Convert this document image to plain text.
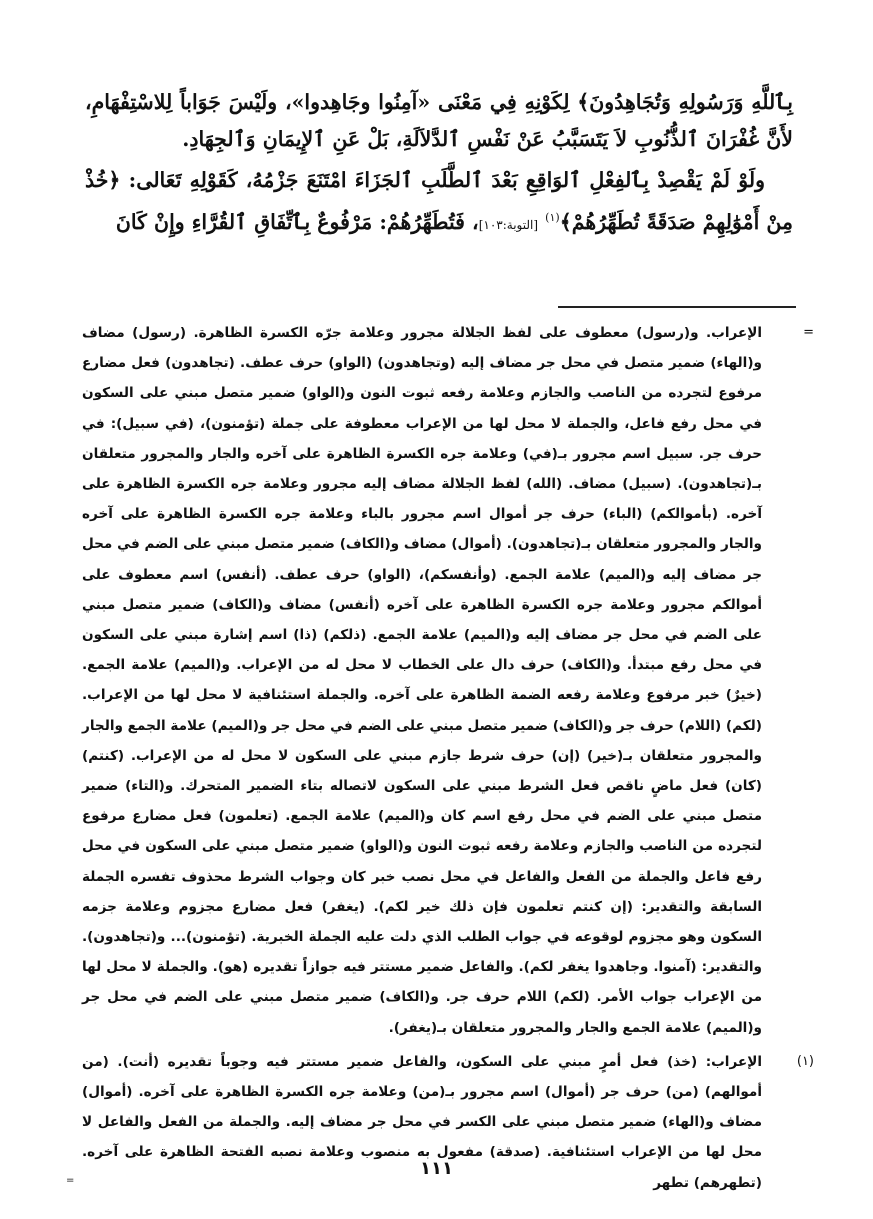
بِٱللَّهِ وَرَسُولِهِ وَتُجَاهِدُونَ﴾ لِكَوْنِهِ فِي مَعْنَى «آمِنُوا وجَاهِدوا»، ولَيْسَ جَوَاباً لِلاسْتِفْهَامِ، لأَنَّ غُفْرَانَ ٱلذُّنُوبِ لاَ يَتَسَبَّبُ عَنْ نَفْسِ ٱلدَّلاَلَةِ، بَلْ عَنِ ٱلإِيمَانِ وَٱلجِهَادِ.

ولَوْ لَمْ يَقْصِدْ بِٱلفِعْلِ ٱلوَاقِعِ بَعْدَ ٱلطَّلَبِ ٱلجَزَاءَ امْتَنَعَ جَزْمُهُ، كَقَوْلِهِ تَعَالى: ﴿خُذْ مِنْ أَمْوَٰلِهِمْ صَدَقَةً تُطَهِّرُهُمْ﴾$^{(١)}$ [التوبة:١٠٣]، فَتُطَهِّرُهُمْ: مَرْفُوعٌ بِٱتِّفَاقِ ٱلقُرَّاءِ وإِنْ كَانَ

=
الإعراب. و(رسول) معطوف على لفظ الجلالة مجرور وعلامة جرّه الكسرة الظاهرة. (رسول) مضاف و(الهاء) ضمير متصل في محل جر مضاف إليه (وتجاهدون) (الواو) حرف عطف. (تجاهدون) فعل مضارع مرفوع لتجرده من الناصب والجازم وعلامة رفعه ثبوت النون و(الواو) ضمير متصل مبني على السكون في محل رفع فاعل، والجملة لا محل لها من الإعراب معطوفة على جملة (تؤمنون)، (في سبيل): في حرف جر. سبيل اسم مجرور بـ(في) وعلامة جره الكسرة الظاهرة على آخره والجار والمجرور متعلقان بـ(تجاهدون). (سبيل) مضاف. (الله) لفظ الجلالة مضاف إليه مجرور وعلامة جره الكسرة الظاهرة على آخره. (بأموالكم) (الباء) حرف جر أموال اسم مجرور بالباء وعلامة جره الكسرة الظاهرة على آخره والجار والمجرور متعلقان بـ(تجاهدون). (أموال) مضاف و(الكاف) ضمير متصل مبني على الضم في محل جر مضاف إليه و(الميم) علامة الجمع. (وأنفسكم)، (الواو) حرف عطف. (أنفس) اسم معطوف على أموالكم مجرور وعلامة جره الكسرة الظاهرة على آخره (أنفس) مضاف و(الكاف) ضمير متصل مبني على الضم في محل جر مضاف إليه و(الميم) علامة الجمع. (ذلكم) (ذا) اسم إشارة مبني على السكون في محل رفع مبتدأ. و(الكاف) حرف دال على الخطاب لا محل له من الإعراب. و(الميم) علامة الجمع. (خيرٌ) خبر مرفوع وعلامة رفعه الضمة الظاهرة على آخره. والجملة استئنافية لا محل لها من الإعراب. (لكم) (اللام) حرف جر و(الكاف) ضمير متصل مبني على الضم في محل جر و(الميم) علامة الجمع والجار والمجرور متعلقان بـ(خير) (إن) حرف شرط جازم مبني على السكون لا محل له من الإعراب. (كنتم) (كان) فعل ماضٍ ناقص فعل الشرط مبني على السكون لاتصاله بتاء الضمير المتحرك. و(التاء) ضمير متصل مبني على الضم في محل رفع اسم كان و(الميم) علامة الجمع. (تعلمون) فعل مضارع مرفوع لتجرده من الناصب والجازم وعلامة رفعه ثبوت النون و(الواو) ضمير متصل مبني على السكون في محل رفع فاعل والجملة من الفعل والفاعل في محل نصب خبر كان وجواب الشرط محذوف تفسره الجملة السابقة والتقدير: (إن كنتم تعلمون فإن ذلك خير لكم). (يغفر) فعل مضارع مجزوم وعلامة جزمه السكون وهو مجزوم لوقوعه في جواب الطلب الذي دلت عليه الجملة الخبرية. (تؤمنون)... و(تجاهدون). والتقدير: (آمنوا. وجاهدوا يغفر لكم). والفاعل ضمير مستتر فيه جوازاً تقديره (هو). والجملة لا محل لها من الإعراب جواب الأمر. (لكم) اللام حرف جر. و(الكاف) ضمير متصل مبني على الضم في محل جر و(الميم) علامة الجمع والجار والمجرور متعلقان بـ(يغفر).

(١)
الإعراب: (خذ) فعل أمرٍ مبني على السكون، والفاعل ضمير مستتر فيه وجوباً تقديره (أنت). (من أموالهم) (من) حرف جر (أموال) اسم مجرور بـ(من) وعلامة جره الكسرة الظاهرة على آخره. (أموال) مضاف و(الهاء) ضمير متصل مبني على الكسر في محل جر مضاف إليه. والجملة من الفعل والفاعل لا محل لها من الإعراب استئنافية. (صدقة) مفعول به منصوب وعلامة نصبه الفتحة الظاهرة على آخره. (تطهرهم) تطهر
=

١١١
